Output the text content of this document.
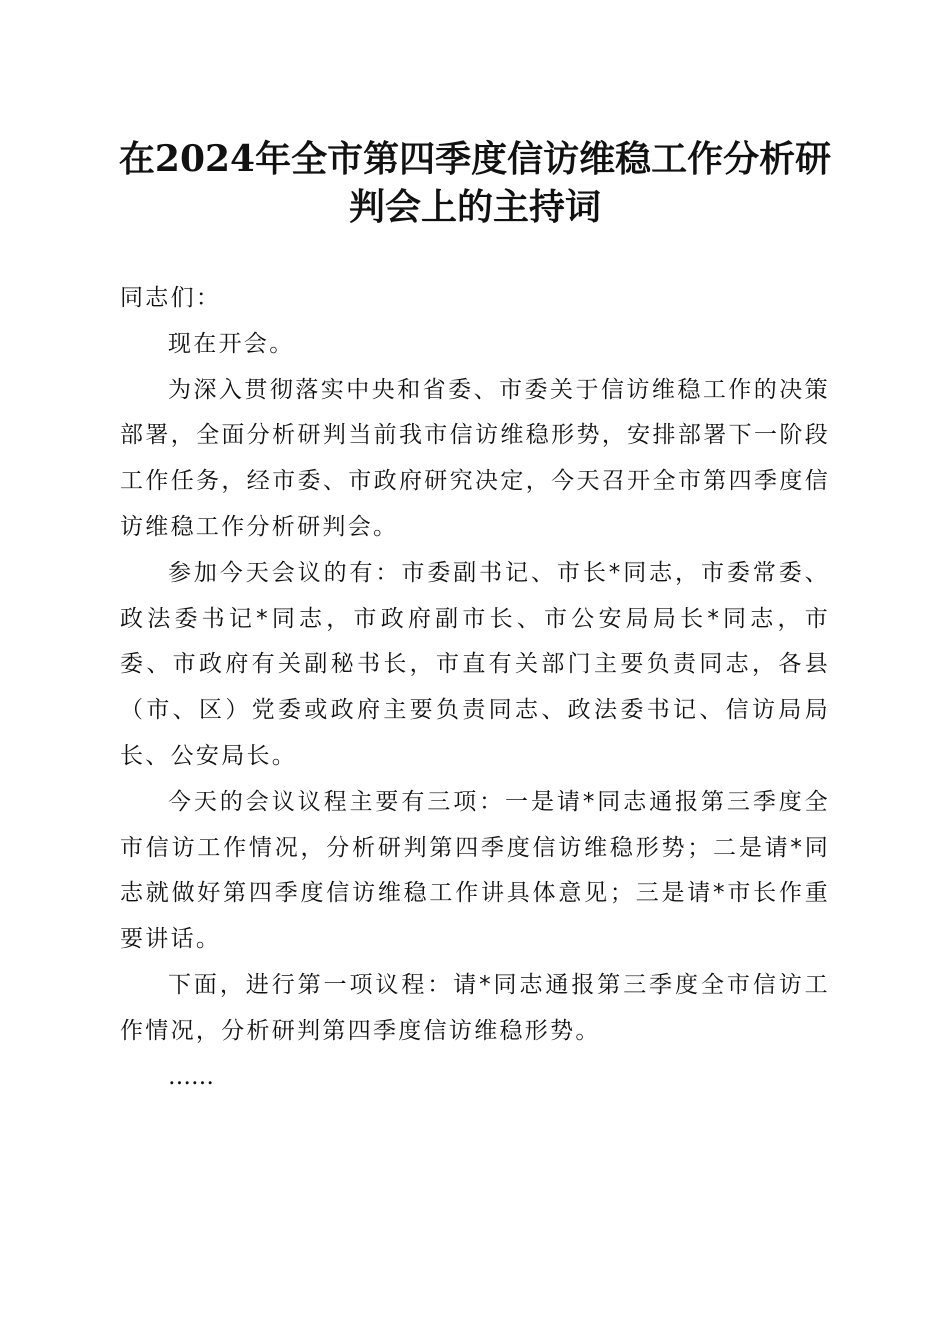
在2024年全市第四季度信访维稳工作分析研
判会上的主持词

同志们：

现在开会。

为深入贯彻落实中央和省委、市委关于信访维稳工作的决策部署，全面分析研判当前我市信访维稳形势，安排部署下一阶段工作任务，经市委、市政府研究决定，今天召开全市第四季度信访维稳工作分析研判会。

参加今天会议的有：市委副书记、市长*同志，市委常委、政法委书记*同志，市政府副市长、市公安局局长*同志，市委、市政府有关副秘书长，市直有关部门主要负责同志，各县（市、区）党委或政府主要负责同志、政法委书记、信访局局长、公安局长。

今天的会议议程主要有三项：一是请*同志通报第三季度全市信访工作情况，分析研判第四季度信访维稳形势；二是请*同志就做好第四季度信访维稳工作讲具体意见；三是请*市长作重要讲话。

下面，进行第一项议程：请*同志通报第三季度全市信访工作情况，分析研判第四季度信访维稳形势。

……
